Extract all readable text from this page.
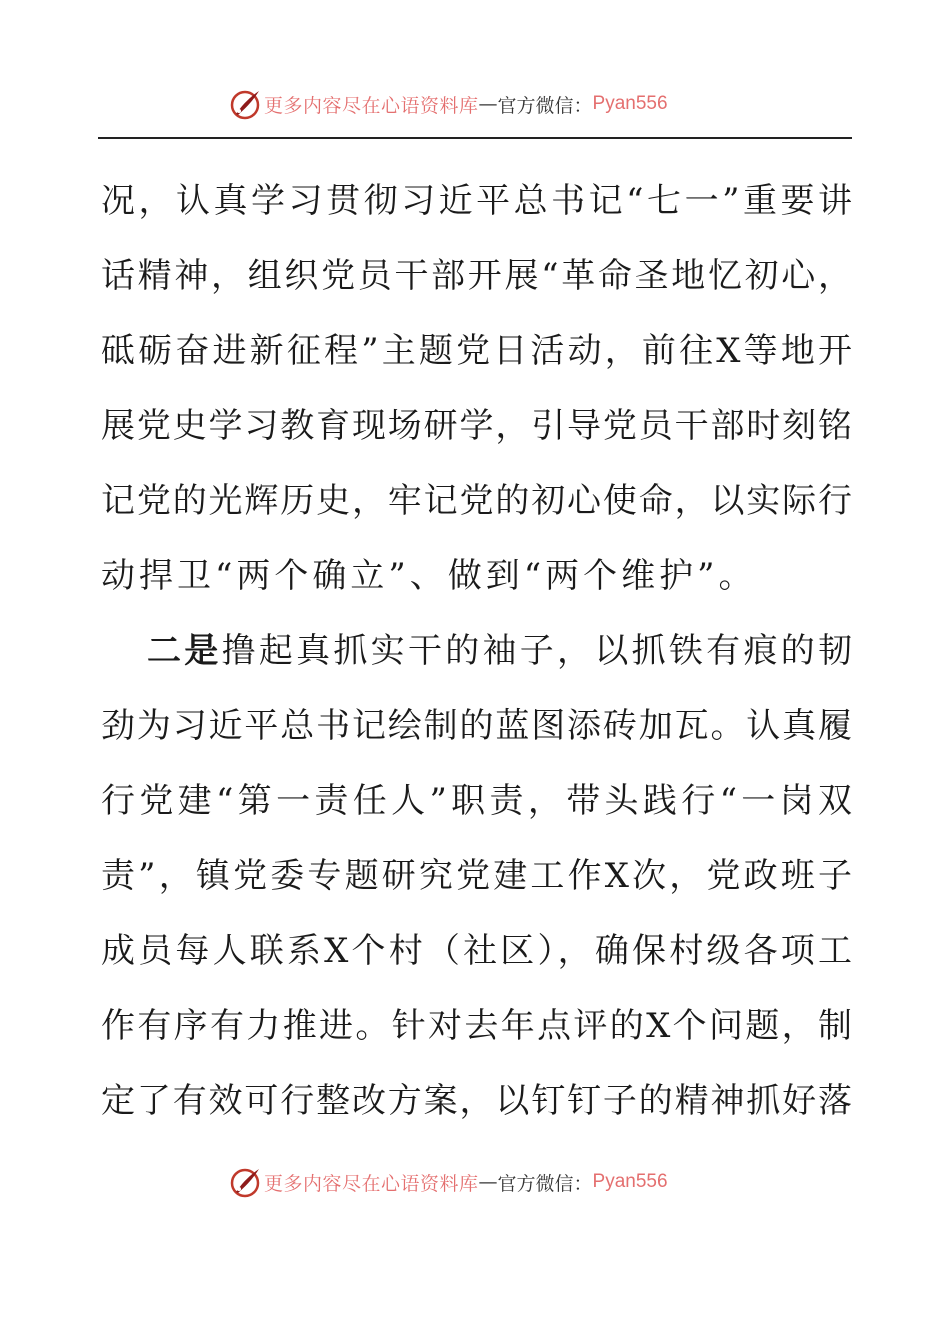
更多内容尽在心语资料库 — 官方微信： Pyan556
况，认真学习贯彻习近平总书记“七一”重要讲
话精神，组织党员干部开展“革命圣地忆初心，
砥砺奋进新征程”主题党日活动，前往X等地开
展党史学习教育现场研学，引导党员干部时刻铭
记党的光辉历史，牢记党的初心使命，以实际行
动捍卫“两个确立”、做到“两个维护”。
二是撸起真抓实干的袖子，以抓铁有痕的韧
劲为习近平总书记绘制的蓝图添砖加瓦。认真履
行党建“第一责任人”职责，带头践行“一岗双
责”，镇党委专题研究党建工作X次，党政班子
成员每人联系X个村（社区），确保村级各项工
作有序有力推进。针对去年点评的X个问题，制
定了有效可行整改方案，以钉钉子的精神抓好落
更多内容尽在心语资料库 — 官方微信： Pyan556
